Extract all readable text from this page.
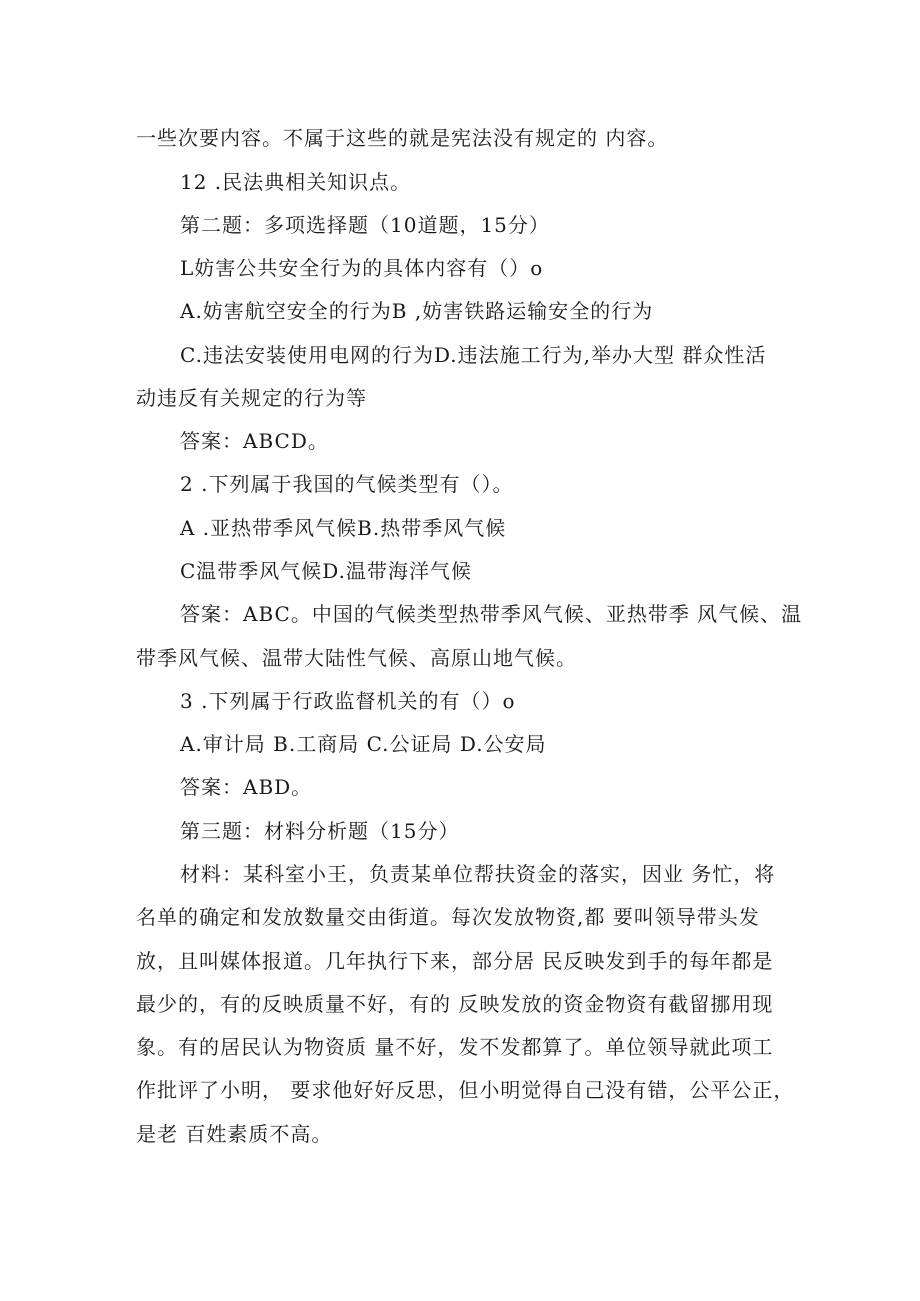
一些次要内容。不属于这些的就是宪法没有规定的 内容。
12 .民法典相关知识点。
第二题：多项选择题（10道题，15分）
L妨害公共安全行为的具体内容有（）o
A.妨害航空安全的行为B ,妨害铁路运输安全的行为
C.违法安装使用电网的行为D.违法施工行为,举办大型 群众性活
动违反有关规定的行为等
答案：ABCD。
2 .下列属于我国的气候类型有（）。
A .亚热带季风气候B.热带季风气候
C温带季风气候D.温带海洋气候
答案：ABC。中国的气候类型热带季风气候、亚热带季 风气候、温
带季风气候、温带大陆性气候、高原山地气候。
3 .下列属于行政监督机关的有（）o
A.审计局 B.工商局 C.公证局 D.公安局
答案：ABD。
第三题：材料分析题（15分）
材料：某科室小王，负责某单位帮扶资金的落实，因业 务忙，将
名单的确定和发放数量交由街道。每次发放物资,都 要叫领导带头发
放，且叫媒体报道。几年执行下来，部分居 民反映发到手的每年都是
最少的，有的反映质量不好，有的 反映发放的资金物资有截留挪用现
象。有的居民认为物资质 量不好，发不发都算了。单位领导就此项工
作批评了小明， 要求他好好反思，但小明觉得自己没有错，公平公正，
是老 百姓素质不高。
